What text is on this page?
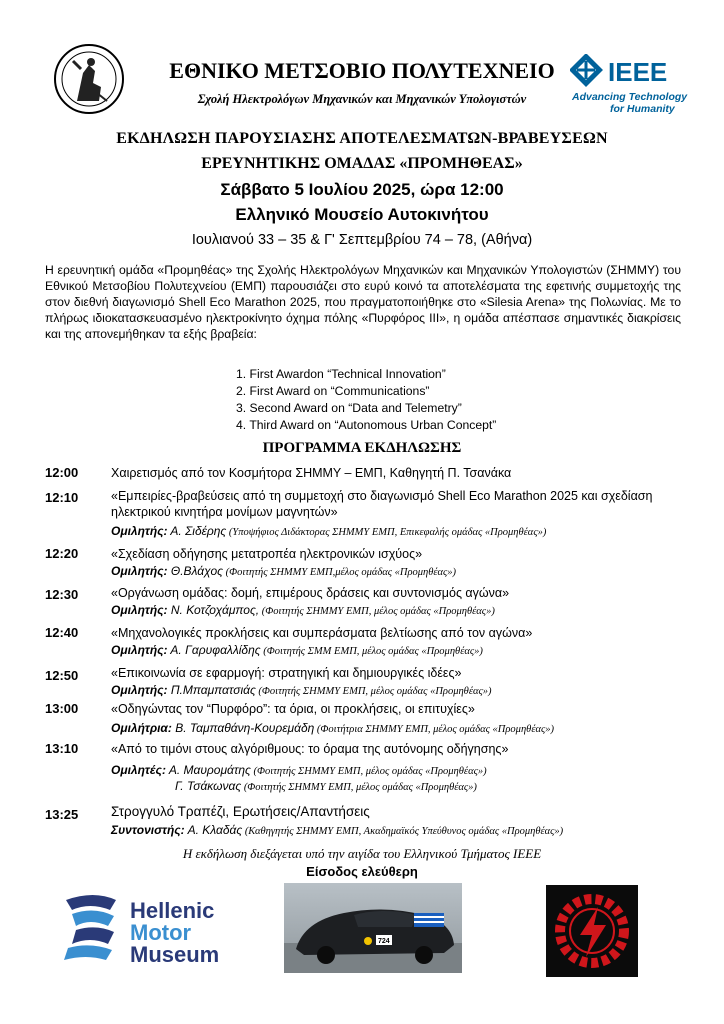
IEEE
Advancing Technology
for Humanity
ΕΘΝΙΚΟ ΜΕΤΣΟΒΙΟ ΠΟΛΥΤΕΧΝΕΙΟ
Σχολή Ηλεκτρολόγων Μηχανικών και Μηχανικών Υπολογιστών
ΕΚΔΗΛΩΣΗ ΠΑΡΟΥΣΙΑΣΗΣ ΑΠΟΤΕΛΕΣΜΑΤΩΝ-ΒΡΑΒΕΥΣΕΩΝ
ΕΡΕΥΝΗΤΙΚΗΣ ΟΜΑΔΑΣ «ΠΡΟΜΗΘΕΑΣ»
Σάββατο 5 Ιουλίου 2025, ώρα 12:00
Ελληνικό Μουσείο Αυτοκινήτου
Ιουλιανού 33 – 35 & Γ' Σεπτεμβρίου 74 – 78, (Αθήνα)
Η ερευνητική ομάδα «Προμηθέας» της Σχολής Ηλεκτρολόγων Μηχανικών και Μηχανικών Υπολογιστών (ΣΗΜΜΥ) του Εθνικού Μετσοβίου Πολυτεχνείου (ΕΜΠ) παρουσιάζει στο ευρύ κοινό τα αποτελέσματα της εφετινής συμμετοχής της στον διεθνή διαγωνισμό Shell Eco Marathon 2025, που πραγματοποιήθηκε στο «Silesia Arena» της Πολωνίας. Με το πλήρως ιδιοκατασκευασμένο ηλεκτροκίνητο όχημα πόλης «Πυρφόρος ΙΙΙ», η ομάδα απέσπασε σημαντικές διακρίσεις και της απονεμήθηκαν τα εξής βραβεία:
1. First Awardon “Technical Innovation”
2. First Award on “Communications”
3. Second Award on “Data and Telemetry”
4. Third Award on “Autonomous Urban Concept”
ΠΡΟΓΡΑΜΜΑ ΕΚΔΗΛΩΣΗΣ
12:00	Χαιρετισμός από τον Κοσμήτορα ΣΗΜΜΥ – ΕΜΠ, Καθηγητή Π. Τσανάκα
12:10	«Εμπειρίες-βραβεύσεις από τη συμμετοχή στο διαγωνισμό Shell Eco Marathon 2025 και σχεδίαση ηλεκτρικού κινητήρα μονίμων μαγνητών»
Ομιλητής: Α. Σιδέρης (Υποψήφιος Διδάκτορας ΣΗΜΜΥ ΕΜΠ, Επικεφαλής ομάδας «Προμηθέας»)
12:20	«Σχεδίαση οδήγησης μετατροπέα ηλεκτρονικών ισχύος»
Ομιλητής: Θ.Βλάχος (Φοιτητής ΣΗΜΜΥ ΕΜΠ,μέλος ομάδας «Προμηθέας»)
12:30	«Οργάνωση ομάδας: δομή, επιμέρους δράσεις και συντονισμός αγώνα»
Ομιλητής: Ν. Κοτζοχάμπος, (Φοιτητής ΣΗΜΜΥ ΕΜΠ, μέλος ομάδας «Προμηθέας»)
12:40	«Μηχανολογικές προκλήσεις και συμπεράσματα βελτίωσης από τον αγώνα»
Ομιλητής: Α. Γαρυφαλλίδης (Φοιτητής ΣΜΜ ΕΜΠ, μέλος ομάδας «Προμηθέας»)
12:50	«Επικοινωνία σε εφαρμογή: στρατηγική και δημιουργικές ιδέες»
Ομιλητής: Π.Μπαμπατσιάς (Φοιτητής ΣΗΜΜΥ ΕΜΠ, μέλος ομάδας «Προμηθέας»)
13:00	«Οδηγώντας τον “Πυρφόρο”: τα όρια, οι προκλήσεις, οι επιτυχίες»
Ομιλήτρια: Β. Ταμπαθάνη-Κουρεμάδη (Φοιτήτρια ΣΗΜΜΥ ΕΜΠ, μέλος ομάδας «Προμηθέας»)
13:10	«Από το τιμόνι στους αλγόριθμους: το όραμα της αυτόνομης οδήγησης»
Ομιλητές: Α. Μαυρομάτης (Φοιτητής ΣΗΜΜΥ ΕΜΠ, μέλος ομάδας «Προμηθέας»)
Γ. Τσάκωνας (Φοιτητής ΣΗΜΜΥ ΕΜΠ, μέλος ομάδας «Προμηθέας»)
13:25	Στρογγυλό Τραπέζι, Ερωτήσεις/Απαντήσεις
Συντονιστής: Α. Κλαδάς (Καθηγητής ΣΗΜΜΥ ΕΜΠ, Ακαδημαϊκός Υπεύθυνος ομάδας «Προμηθέας»)
Η εκδήλωση διεξάγεται υπό την αιγίδα του Ελληνικού Τμήματος IEEE
Είσοδος ελεύθερη
Hellenic
Motor
Museum
724
